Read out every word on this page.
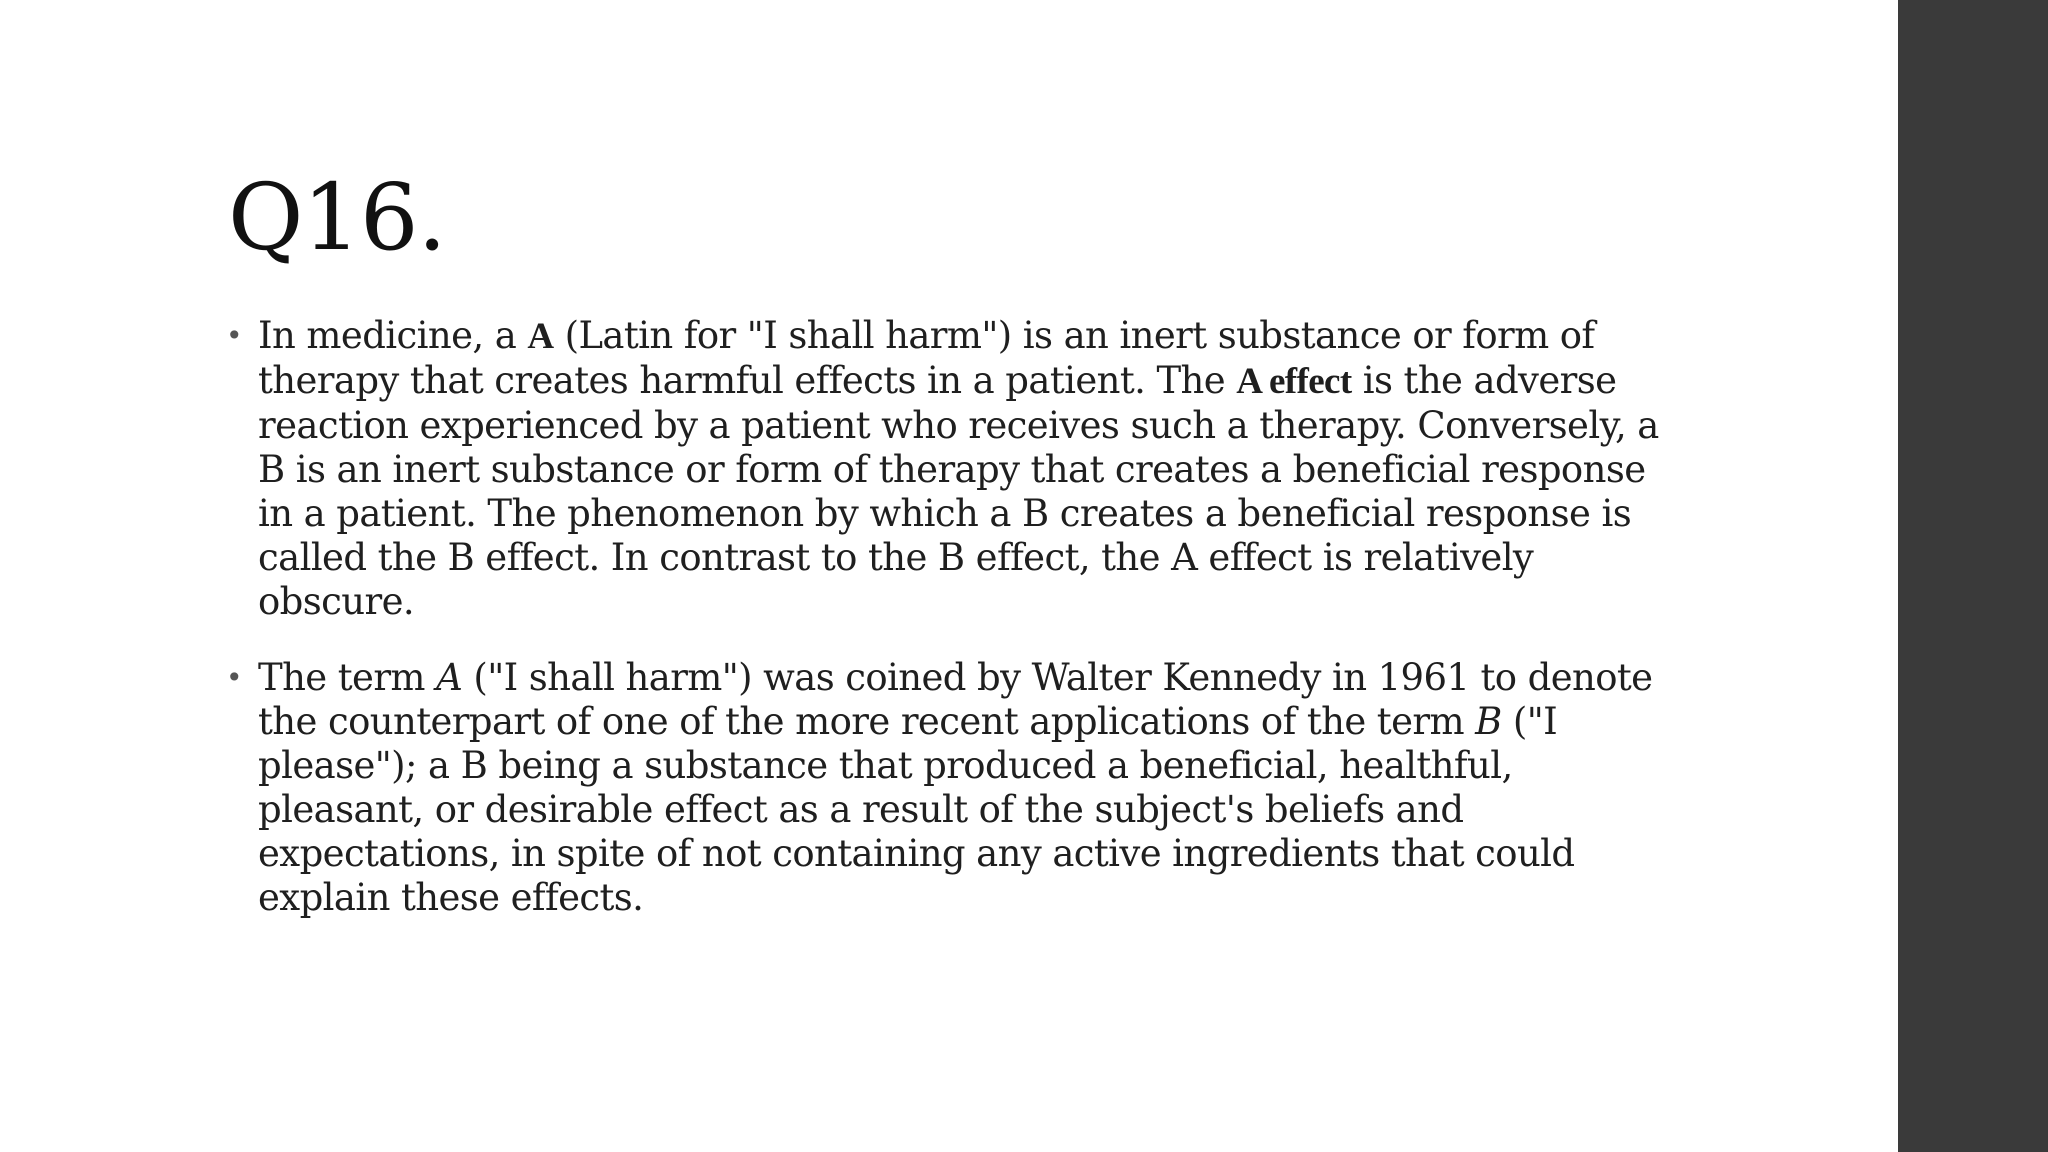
Q16.
• In medicine, a A (Latin for "I shall harm") is an inert substance or form of therapy that creates harmful effects in a patient. The A effect is the adverse reaction experienced by a patient who receives such a therapy. Conversely, a B is an inert substance or form of therapy that creates a beneficial response in a patient. The phenomenon by which a B creates a beneficial response is called the B effect. In contrast to the B effect, the A effect is relatively obscure.
• The term A ("I shall harm") was coined by Walter Kennedy in 1961 to denote the counterpart of one of the more recent applications of the term B ("I please"); a B being a substance that produced a beneficial, healthful, pleasant, or desirable effect as a result of the subject's beliefs and expectations, in spite of not containing any active ingredients that could explain these effects.
